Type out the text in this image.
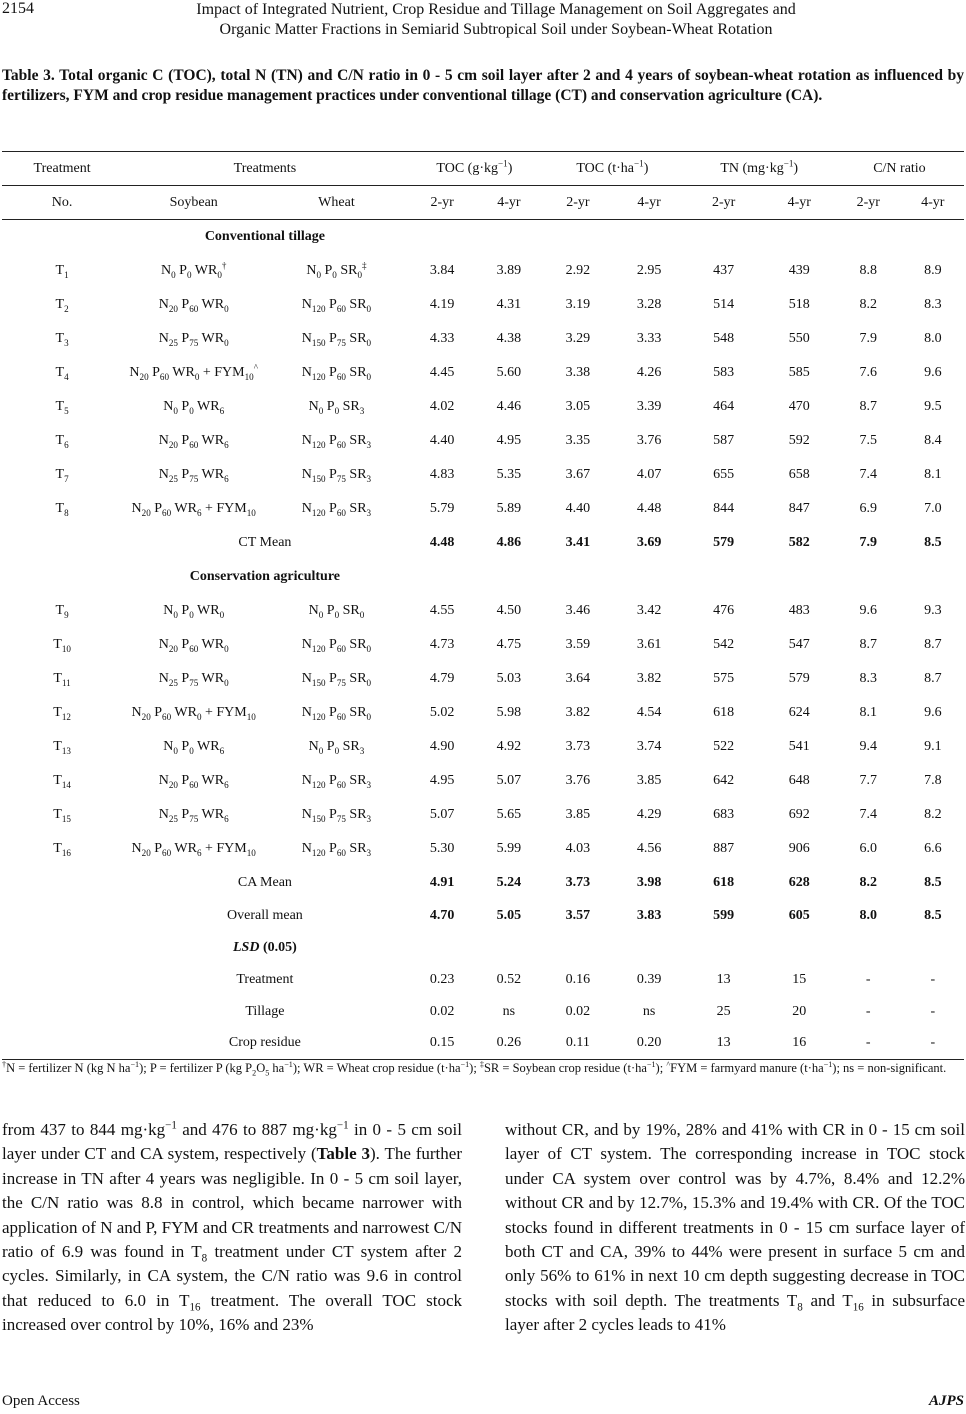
2154	Impact of Integrated Nutrient, Crop Residue and Tillage Management on Soil Aggregates and
Organic Matter Fractions in Semiarid Subtropical Soil under Soybean-Wheat Rotation
Table 3. Total organic C (TOC), total N (TN) and C/N ratio in 0 - 5 cm soil layer after 2 and 4 years of soybean-wheat rotation as influenced by fertilizers, FYM and crop residue management practices under conventional tillage (CT) and conservation agriculture (CA).
Treatment	Treatments		TOC $(g\cdot kg^{-1})$		TOC $(t\cdot ha^{-1})$		TN $(mg\cdot kg^{-1})$		C/N ratio	
No.	Soybean	Wheat	2-yr	4-yr	2-yr	4-yr	2-yr	4-yr	2-yr	4-yr
	Conventional tillage									
$T_1$	$N_0$ $P_0$ $WR_0^\dagger$	$N_0$ $P_0$ $SR_0^\ddagger$	3.84	3.89	2.92	2.95	437	439	8.8	8.9
$T_2$	$N_{20}$ $P_{60}$ $WR_0$	$N_{120}$ $P_{60}$ $SR_0$	4.19	4.31	3.19	3.28	514	518	8.2	8.3
$T_3$	$N_{25}$ $P_{75}$ $WR_0$	$N_{150}$ $P_{75}$ $SR_0$	4.33	4.38	3.29	3.33	548	550	7.9	8.0
$T_4$	$N_{20}$ $P_{60}$ $WR_0 + FYM_{10}^{\^{}}$	$N_{120}$ $P_{60}$ $SR_0$	4.45	5.60	3.38	4.26	583	585	7.6	9.6
$T_5$	$N_0$ $P_0$ $WR_6$	$N_0$ $P_0$ $SR_3$	4.02	4.46	3.05	3.39	464	470	8.7	9.5
$T_6$	$N_{20}$ $P_{60}$ $WR_6$	$N_{120}$ $P_{60}$ $SR_3$	4.40	4.95	3.35	3.76	587	592	7.5	8.4
$T_7$	$N_{25}$ $P_{75}$ $WR_6$	$N_{150}$ $P_{75}$ $SR_3$	4.83	5.35	3.67	4.07	655	658	7.4	8.1
$T_8$	$N_{20}$ $P_{60}$ $WR_6 + FYM_{10}$	$N_{120}$ $P_{60}$ $SR_3$	5.79	5.89	4.40	4.48	844	847	6.9	7.0
	CT Mean		4.48	4.86	3.41	3.69	579	582	7.9	8.5
	Conservation agriculture									
$T_9$	$N_0$ $P_0$ $WR_0$	$N_0$ $P_0$ $SR_0$	4.55	4.50	3.46	3.42	476	483	9.6	9.3
$T_{10}$	$N_{20}$ $P_{60}$ $WR_0$	$N_{120}$ $P_{60}$ $SR_0$	4.73	4.75	3.59	3.61	542	547	8.7	8.7
$T_{11}$	$N_{25}$ $P_{75}$ $WR_0$	$N_{150}$ $P_{75}$ $SR_0$	4.79	5.03	3.64	3.82	575	579	8.3	8.7
$T_{12}$	$N_{20}$ $P_{60}$ $WR_0 + FYM_{10}$	$N_{120}$ $P_{60}$ $SR_0$	5.02	5.98	3.82	4.54	618	624	8.1	9.6
$T_{13}$	$N_0$ $P_0$ $WR_6$	$N_0$ $P_0$ $SR_3$	4.90	4.92	3.73	3.74	522	541	9.4	9.1
$T_{14}$	$N_{20}$ $P_{60}$ $WR_6$	$N_{120}$ $P_{60}$ $SR_3$	4.95	5.07	3.76	3.85	642	648	7.7	7.8
$T_{15}$	$N_{25}$ $P_{75}$ $WR_6$	$N_{150}$ $P_{75}$ $SR_3$	5.07	5.65	3.85	4.29	683	692	7.4	8.2
$T_{16}$	$N_{20}$ $P_{60}$ $WR_6 + FYM_{10}$	$N_{120}$ $P_{60}$ $SR_3$	5.30	5.99	4.03	4.56	887	906	6.0	6.6
	CA Mean		4.91	5.24	3.73	3.98	618	628	8.2	8.5
	Overall mean		4.70	5.05	3.57	3.83	599	605	8.0	8.5
	LSD (0.05)									
	Treatment		0.23	0.52	0.16	0.39	13	15	-	-
	Tillage		0.02	ns	0.02	ns	25	20	-	-
	Crop residue		0.15	0.26	0.11	0.20	13	16	-	-
†N = fertilizer N (kg N $ha^{-1}$); P = fertilizer P (kg $P_2O_5$ $ha^{-1}$); WR = Wheat crop residue $(t\cdot ha^{-1})$; ‡SR = Soybean crop residue $(t\cdot ha^{-1})$; ^FYM = farmyard manure $(t\cdot ha^{-1})$; ns = non-significant.
from 437 to 844 $mg\cdot kg^{-1}$ and 476 to 887 $mg\cdot kg^{-1}$ in 0 - 5 cm soil layer under CT and CA system, respectively (Table 3). The further increase in TN after 4 years was negligible. In 0 - 5 cm soil layer, the C/N ratio was 8.8 in control, which became narrower with application of N and P, FYM and CR treatments and narrowest C/N ratio of 6.9 was found in $T_8$ treatment under CT system after 2 cycles. Similarly, in CA system, the C/N ratio was 9.6 in control that reduced to 6.0 in $T_{16}$ treatment. The overall TOC stock increased over control by 10%, 16% and 23%
without CR, and by 19%, 28% and 41% with CR in 0 - 15 cm soil layer of CT system. The corresponding increase in TOC stock under CA system over control was by 4.7%, 8.4% and 12.2% without CR and by 12.7%, 15.3% and 19.4% with CR. Of the TOC stocks found in different treatments in 0 - 15 cm surface layer of both CT and CA, 39% to 44% were present in surface 5 cm and only 56% to 61% in next 10 cm depth suggesting decrease in TOC stocks with soil depth. The treatments $T_8$ and $T_{16}$ in subsurface layer after 2 cycles leads to 41%
Open Access	AJPS
